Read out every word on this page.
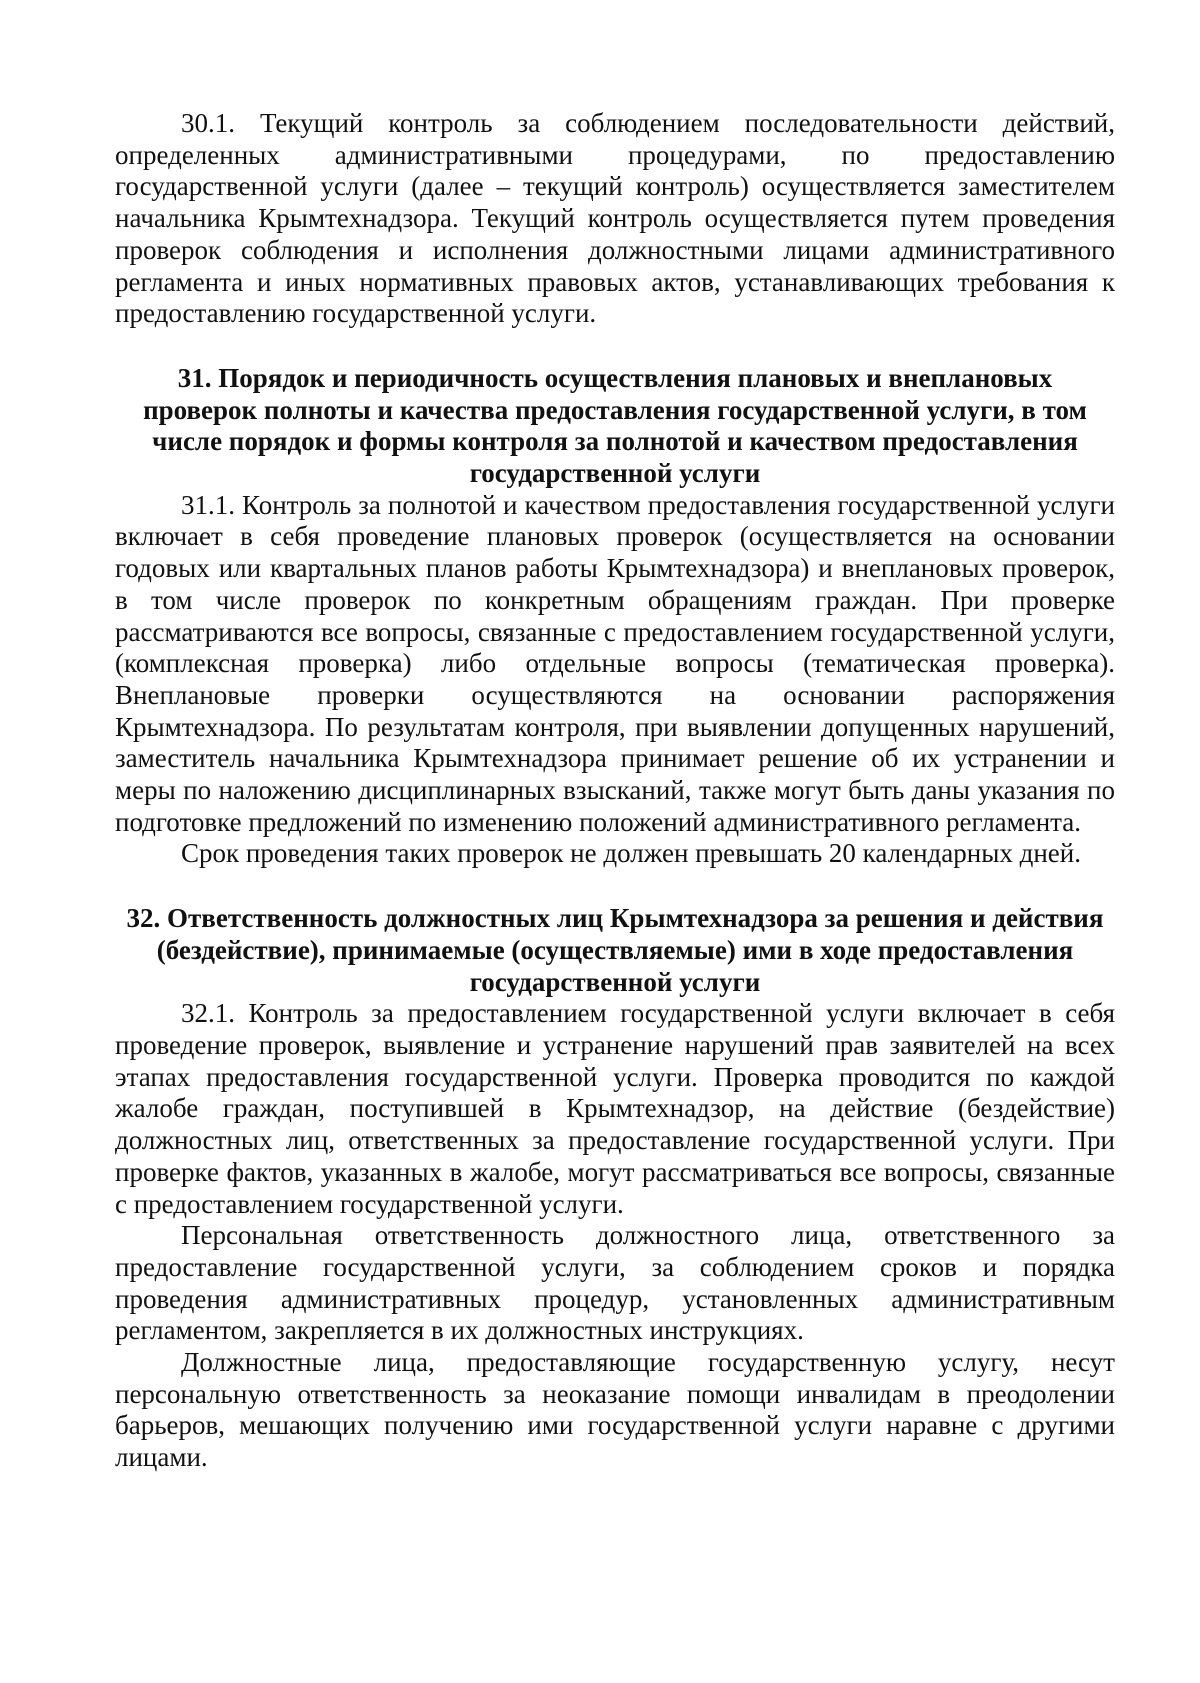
30.1. Текущий контроль за соблюдением последовательности действий, определенных административными процедурами, по предоставлению государственной услуги (далее – текущий контроль) осуществляется заместителем начальника Крымтехнадзора. Текущий контроль осуществляется путем проведения проверок соблюдения и исполнения должностными лицами административного регламента и иных нормативных правовых актов, устанавливающих требования к предоставлению государственной услуги.

31. Порядок и периодичность осуществления плановых и внеплановых проверок полноты и качества предоставления государственной услуги, в том числе порядок и формы контроля за полнотой и качеством предоставления государственной услуги

31.1. Контроль за полнотой и качеством предоставления государственной услуги включает в себя проведение плановых проверок (осуществляется на основании годовых или квартальных планов работы Крымтехнадзора) и внеплановых проверок, в том числе проверок по конкретным обращениям граждан. При проверке рассматриваются все вопросы, связанные с предоставлением государственной услуги, (комплексная проверка) либо отдельные вопросы (тематическая проверка). Внеплановые проверки осуществляются на основании распоряжения Крымтехнадзора. По результатам контроля, при выявлении допущенных нарушений, заместитель начальника Крымтехнадзора принимает решение об их устранении и меры по наложению дисциплинарных взысканий, также могут быть даны указания по подготовке предложений по изменению положений административного регламента.

Срок проведения таких проверок не должен превышать 20 календарных дней.

32. Ответственность должностных лиц Крымтехнадзора за решения и действия (бездействие), принимаемые (осуществляемые) ими в ходе предоставления государственной услуги

32.1. Контроль за предоставлением государственной услуги включает в себя проведение проверок, выявление и устранение нарушений прав заявителей на всех этапах предоставления государственной услуги. Проверка проводится по каждой жалобе граждан, поступившей в Крымтехнадзор, на действие (бездействие) должностных лиц, ответственных за предоставление государственной услуги. При проверке фактов, указанных в жалобе, могут рассматриваться все вопросы, связанные с предоставлением государственной услуги.

Персональная ответственность должностного лица, ответственного за предоставление государственной услуги, за соблюдением сроков и порядка проведения административных процедур, установленных административным регламентом, закрепляется в их должностных инструкциях.

Должностные лица, предоставляющие государственную услугу, несут персональную ответственность за неоказание помощи инвалидам в преодолении барьеров, мешающих получению ими государственной услуги наравне с другими лицами.
